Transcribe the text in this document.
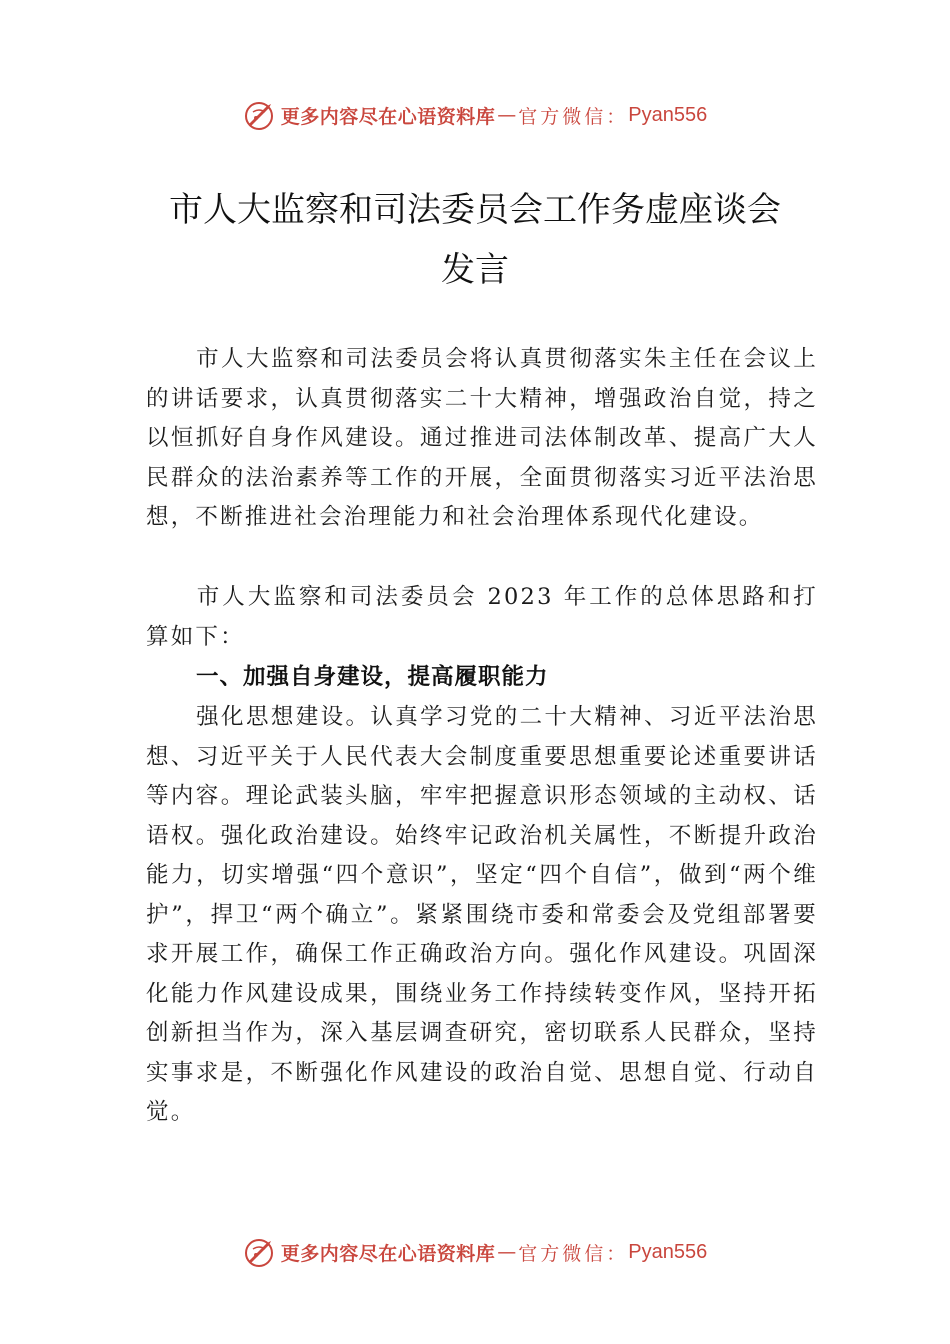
更多内容尽在心语资料库 — 官方微信： Pyan556
市人大监察和司法委员会工作务虚座谈会
发言
市人大监察和司法委员会将认真贯彻落实朱主任在会议上的讲话要求，认真贯彻落实二十大精神，增强政治自觉，持之以恒抓好自身作风建设。通过推进司法体制改革、提高广大人民群众的法治素养等工作的开展，全面贯彻落实习近平法治思想，不断推进社会治理能力和社会治理体系现代化建设。
市人大监察和司法委员会 2023 年工作的总体思路和打算如下：
一、加强自身建设，提高履职能力
强化思想建设。认真学习党的二十大精神、习近平法治思想、习近平关于人民代表大会制度重要思想重要论述重要讲话等内容。理论武装头脑，牢牢把握意识形态领域的主动权、话语权。强化政治建设。始终牢记政治机关属性，不断提升政治能力，切实增强“四个意识”，坚定“四个自信”，做到“两个维护”，捍卫“两个确立”。紧紧围绕市委和常委会及党组部署要求开展工作，确保工作正确政治方向。强化作风建设。巩固深化能力作风建设成果，围绕业务工作持续转变作风，坚持开拓创新担当作为，深入基层调查研究，密切联系人民群众，坚持实事求是，不断强化作风建设的政治自觉、思想自觉、行动自觉。
更多内容尽在心语资料库 — 官方微信： Pyan556
